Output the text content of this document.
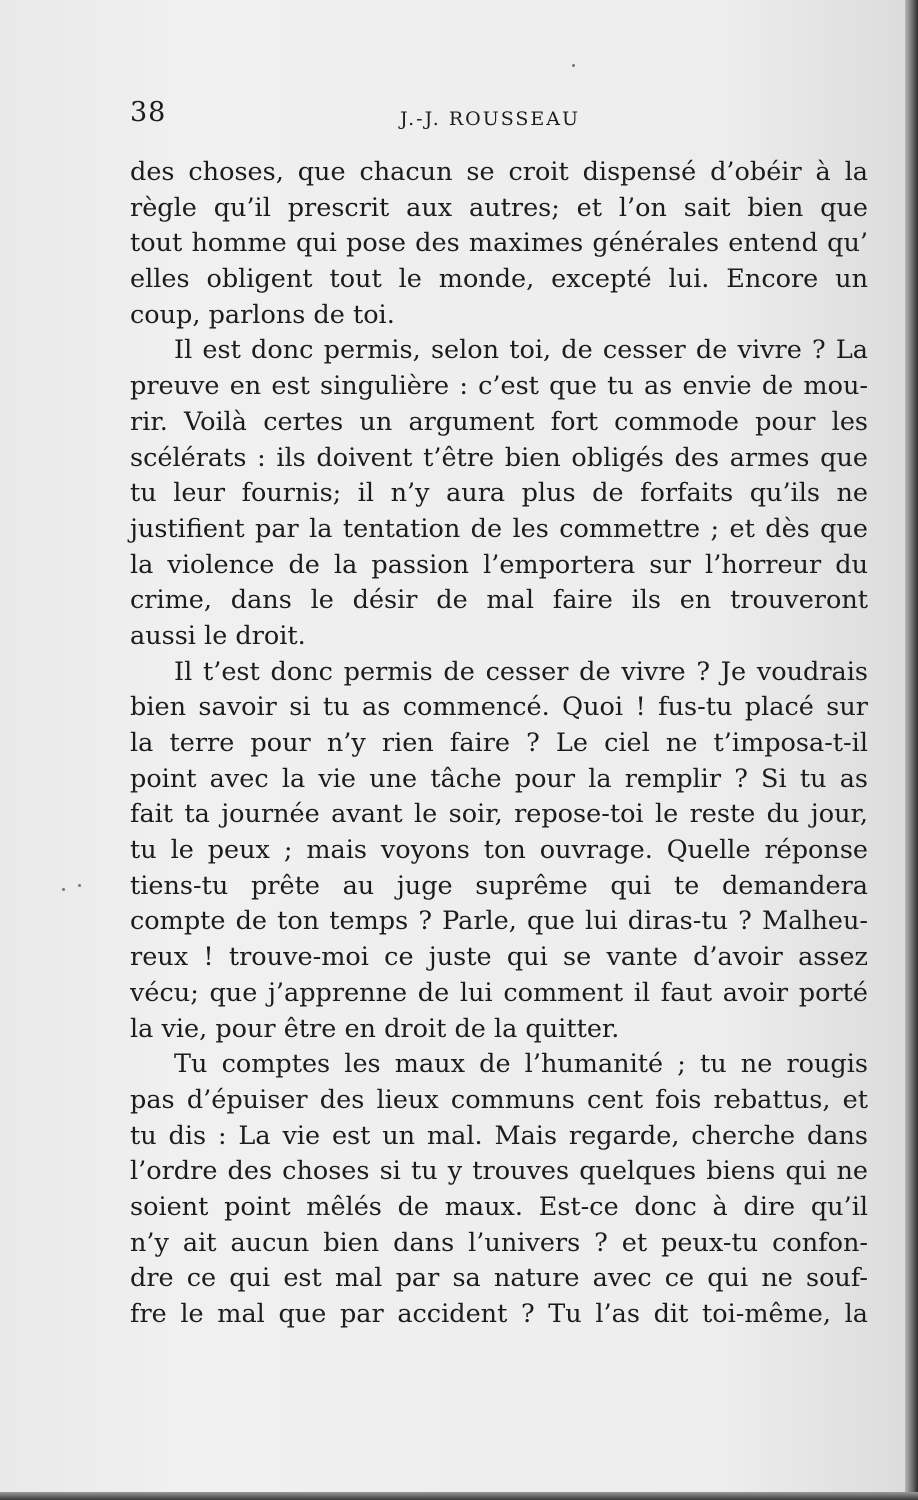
38	J.-J. ROUSSEAU
des choses, que chacun se croit dispensé d’obéir à la
règle qu’il prescrit aux autres; et l’on sait bien que
tout homme qui pose des maximes générales entend qu’
elles obligent tout le monde, excepté lui. Encore un
coup, parlons de toi.
Il est donc permis, selon toi, de cesser de vivre ? La
preuve en est singulière : c’est que tu as envie de mou-
rir. Voilà certes un argument fort commode pour les
scélérats : ils doivent t’être bien obligés des armes que
tu leur fournis; il n’y aura plus de forfaits qu’ils ne
justifient par la tentation de les commettre ; et dès que
la violence de la passion l’emportera sur l’horreur du
crime, dans le désir de mal faire ils en trouveront
aussi le droit.
Il t’est donc permis de cesser de vivre ? Je voudrais
bien savoir si tu as commencé. Quoi ! fus-tu placé sur
la terre pour n’y rien faire ? Le ciel ne t’imposa-t-il
point avec la vie une tâche pour la remplir ? Si tu as
fait ta journée avant le soir, repose-toi le reste du jour,
tu le peux ; mais voyons ton ouvrage. Quelle réponse
tiens-tu prête au juge suprême qui te demandera
compte de ton temps ? Parle, que lui diras-tu ? Malheu-
reux ! trouve-moi ce juste qui se vante d’avoir assez
vécu; que j’apprenne de lui comment il faut avoir porté
la vie, pour être en droit de la quitter.
Tu comptes les maux de l’humanité ; tu ne rougis
pas d’épuiser des lieux communs cent fois rebattus, et
tu dis : La vie est un mal. Mais regarde, cherche dans
l’ordre des choses si tu y trouves quelques biens qui ne
soient point mêlés de maux. Est-ce donc à dire qu’il
n’y ait aucun bien dans l’univers ? et peux-tu confon-
dre ce qui est mal par sa nature avec ce qui ne souf-
fre le mal que par accident ? Tu l’as dit toi-même, la
